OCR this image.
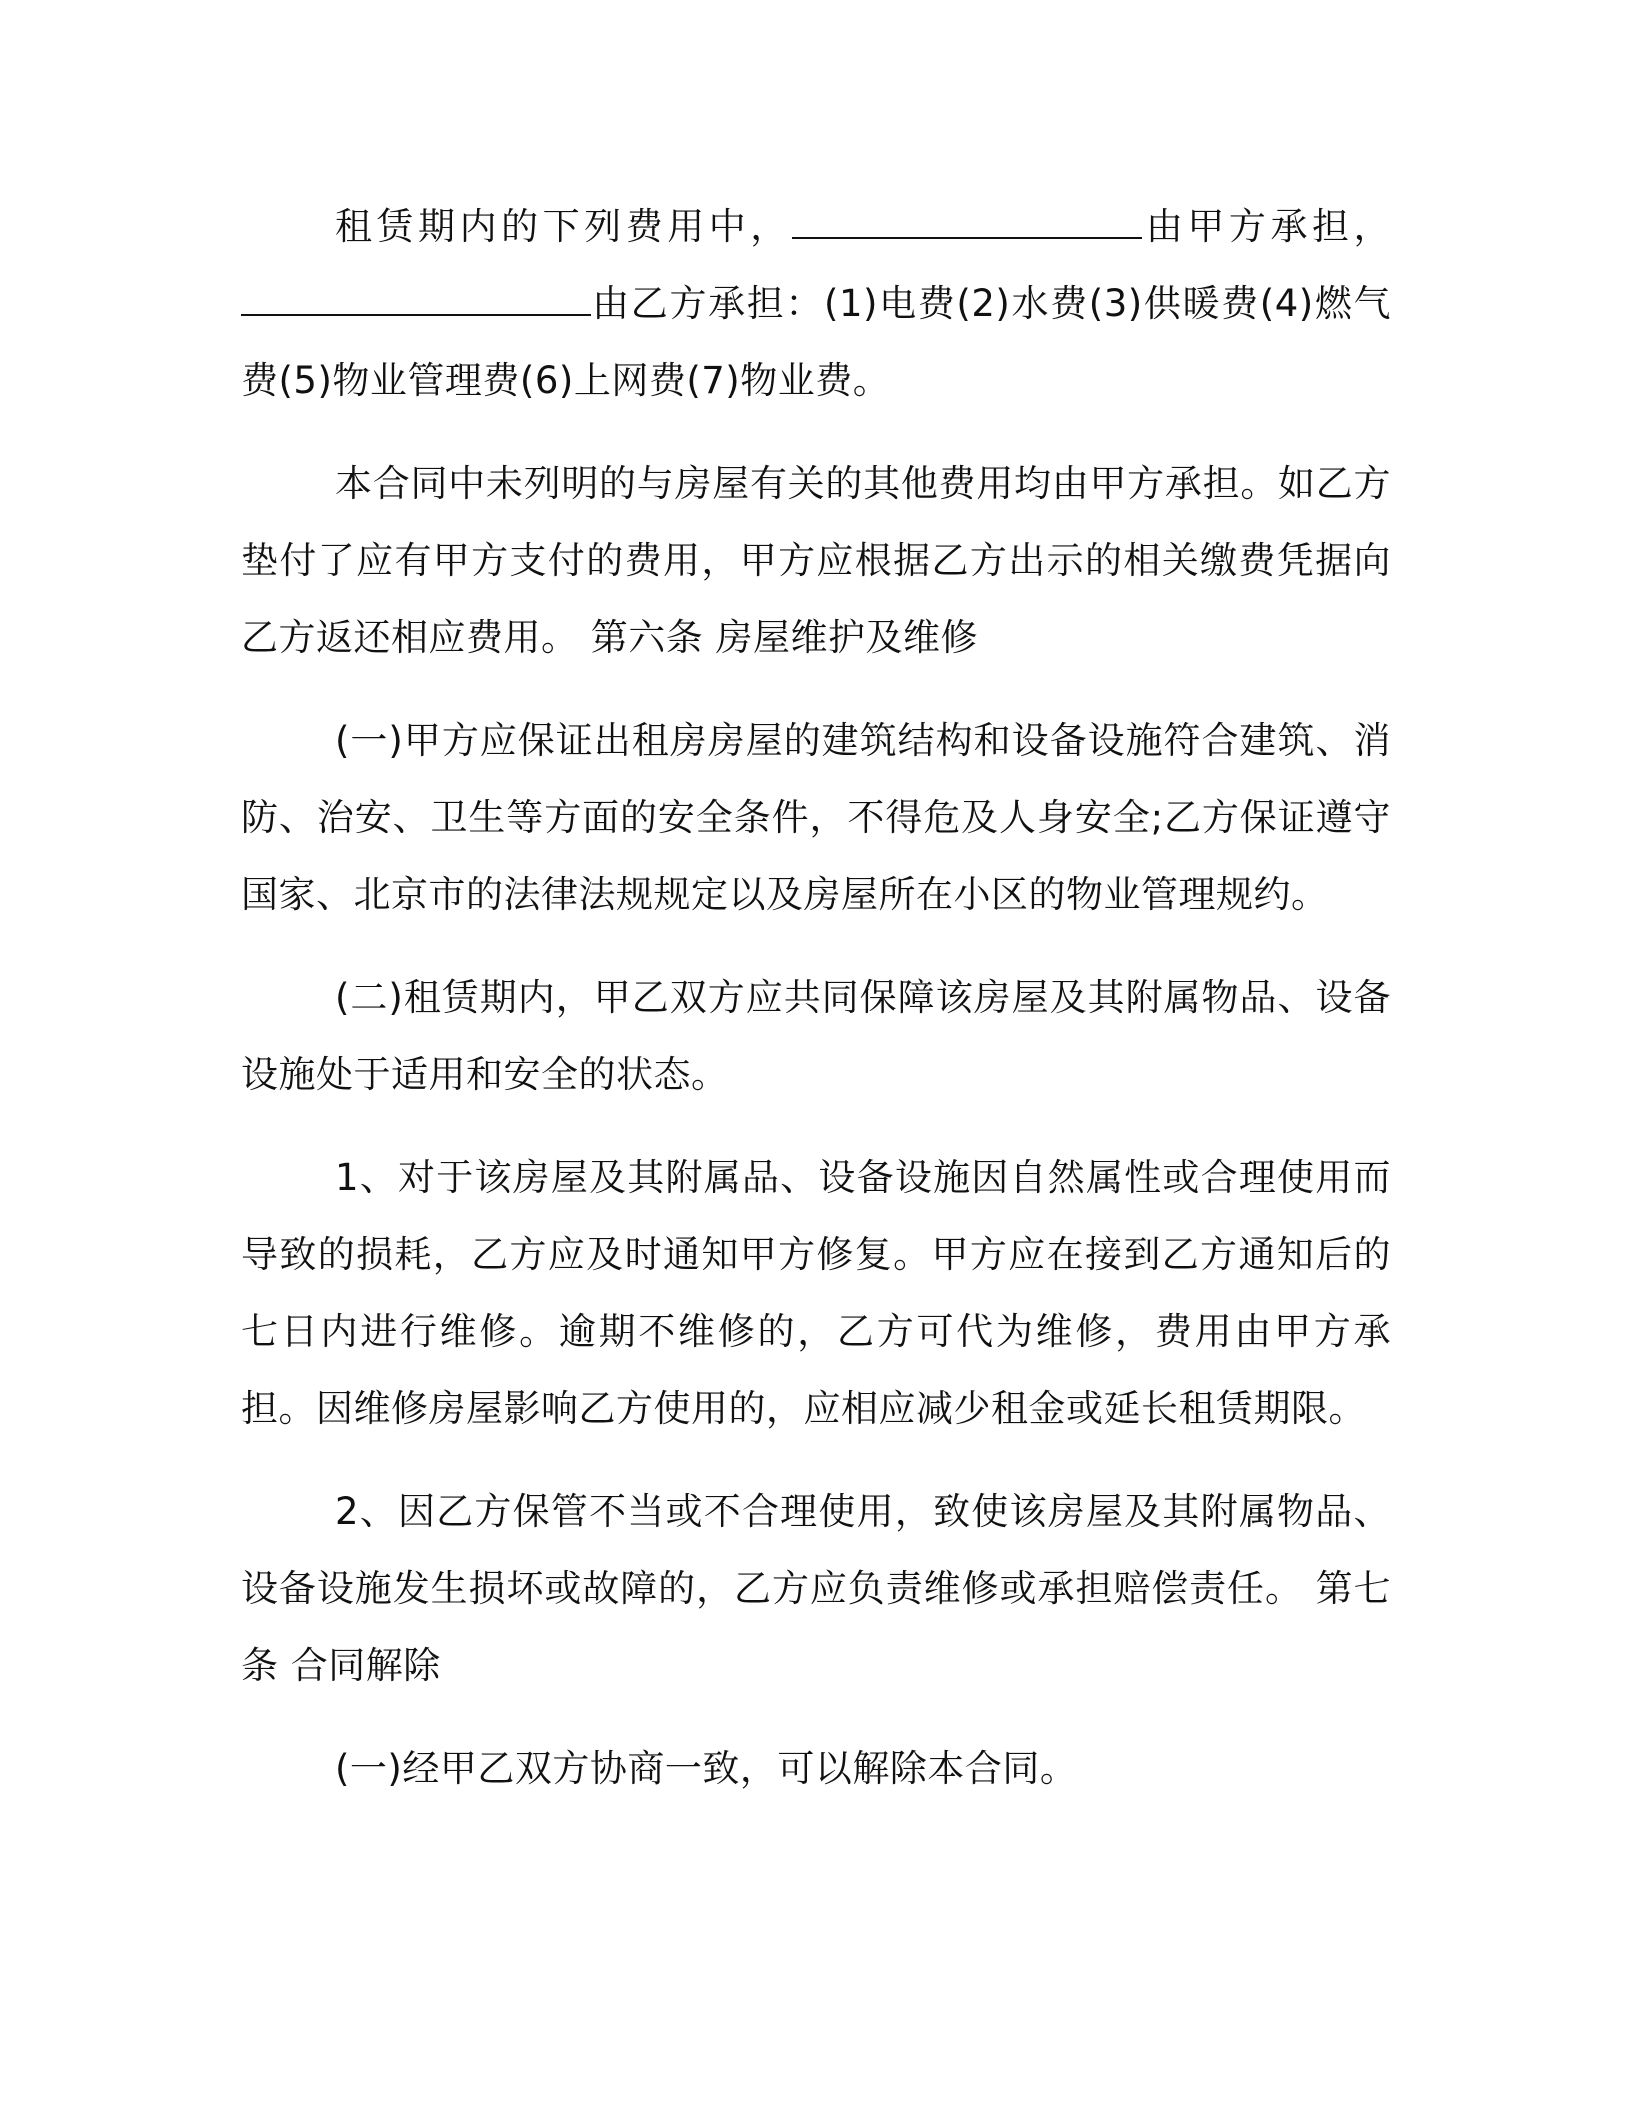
租赁期内的下列费用中，	由甲方承担，由乙方承担：(1)电费(2)水费(3)供暖费(4)燃气费(5)物业管理费(6)上网费(7)物业费。

本合同中未列明的与房屋有关的其他费用均由甲方承担。如乙方垫付了应有甲方支付的费用，甲方应根据乙方出示的相关缴费凭据向乙方返还相应费用。 第六条 房屋维护及维修

(一)甲方应保证出租房房屋的建筑结构和设备设施符合建筑、消防、治安、卫生等方面的安全条件，不得危及人身安全;乙方保证遵守国家、北京市的法律法规规定以及房屋所在小区的物业管理规约。

(二)租赁期内，甲乙双方应共同保障该房屋及其附属物品、设备设施处于适用和安全的状态。

1、对于该房屋及其附属品、设备设施因自然属性或合理使用而导致的损耗，乙方应及时通知甲方修复。甲方应在接到乙方通知后的七日内进行维修。逾期不维修的，乙方可代为维修，费用由甲方承担。因维修房屋影响乙方使用的，应相应减少租金或延长租赁期限。

2、因乙方保管不当或不合理使用，致使该房屋及其附属物品、设备设施发生损坏或故障的，乙方应负责维修或承担赔偿责任。 第七条 合同解除

(一)经甲乙双方协商一致，可以解除本合同。
